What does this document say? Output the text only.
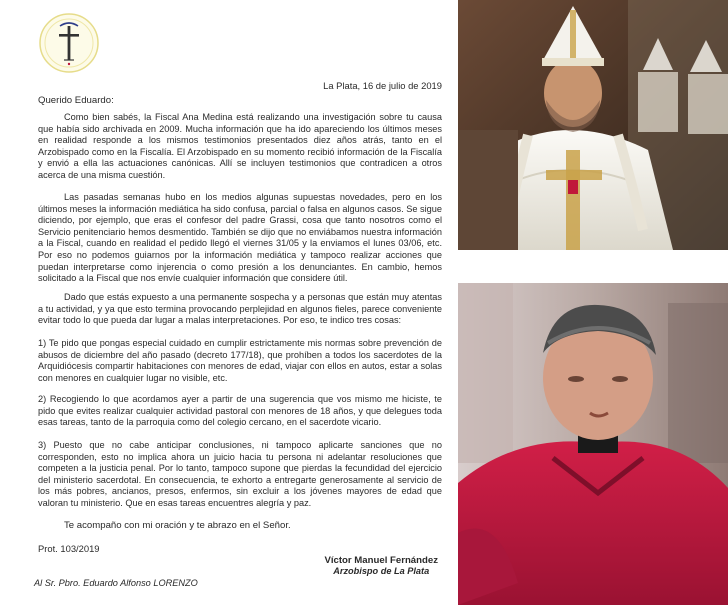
La Plata, 16 de julio de 2019
Querido Eduardo:
Como bien sabés, la Fiscal Ana Medina está realizando una investigación sobre tu causa que había sido archivada en 2009. Mucha información que ha ido apareciendo los últimos meses en realidad responde a los mismos testimonios presentados diez años atrás, tanto en el Arzobispado como en la Fiscalía. El Arzobispado en su momento recibió información de la Fiscalía y envió a ella las actuaciones canónicas. Allí se incluyen testimonios que contradicen a otros acerca de una misma cuestión.
Las pasadas semanas hubo en los medios algunas supuestas novedades, pero en los últimos meses la información mediática ha sido confusa, parcial o falsa en algunos casos. Se sigue diciendo, por ejemplo, que eras el confesor del padre Grassi, cosa que tanto nosotros como el Servicio penitenciario hemos desmentido. También se dijo que no enviábamos nuestra información a la Fiscal, cuando en realidad el pedido llegó el viernes 31/05 y la enviamos el lunes 03/06, etc. Por eso no podemos guiarnos por la información mediática y tampoco realizar acciones que puedan interpretarse como injerencia o como presión a los denunciantes. En cambio, hemos solicitado a la Fiscal que nos envíe cualquier información que considere útil.
Dado que estás expuesto a una permanente sospecha y a personas que están muy atentas a tu actividad, y ya que esto termina provocando perplejidad en algunos fieles, parece conveniente evitar todo lo que pueda dar lugar a malas interpretaciones. Por eso, te indico tres cosas:
1) Te pido que pongas especial cuidado en cumplir estrictamente mis normas sobre prevención de abusos de diciembre del año pasado (decreto 177/18), que prohíben a todos los sacerdotes de la Arquidiócesis compartir habitaciones con menores de edad, viajar con ellos en autos, estar a solas con menores en cualquier lugar no visible, etc.
2) Recogiendo lo que acordamos ayer a partir de una sugerencia que vos mismo me hiciste, te pido que evites realizar cualquier actividad pastoral con menores de 18 años, y que delegues toda esas tareas, tanto de la parroquia como del colegio cercano, en el sacerdote vicario.
3) Puesto que no cabe anticipar conclusiones, ni tampoco aplicarte sanciones que no corresponden, esto no implica ahora un juicio hacia tu persona ni adelantar resoluciones que competen a la justicia penal. Por lo tanto, tampoco supone que pierdas la fecundidad del ejercicio del ministerio sacerdotal. En consecuencia, te exhorto a entregarte generosamente al servicio de los más pobres, ancianos, presos, enfermos, sin excluir a los jóvenes mayores de edad que valoran tu ministerio. Que en esas tareas encuentres alegría y paz.
Te acompaño con mi oración y te abrazo en el Señor.
Prot. 103/2019
Víctor Manuel Fernández
Arzobispo de La Plata
Al Sr. Pbro. Eduardo Alfonso LORENZO
